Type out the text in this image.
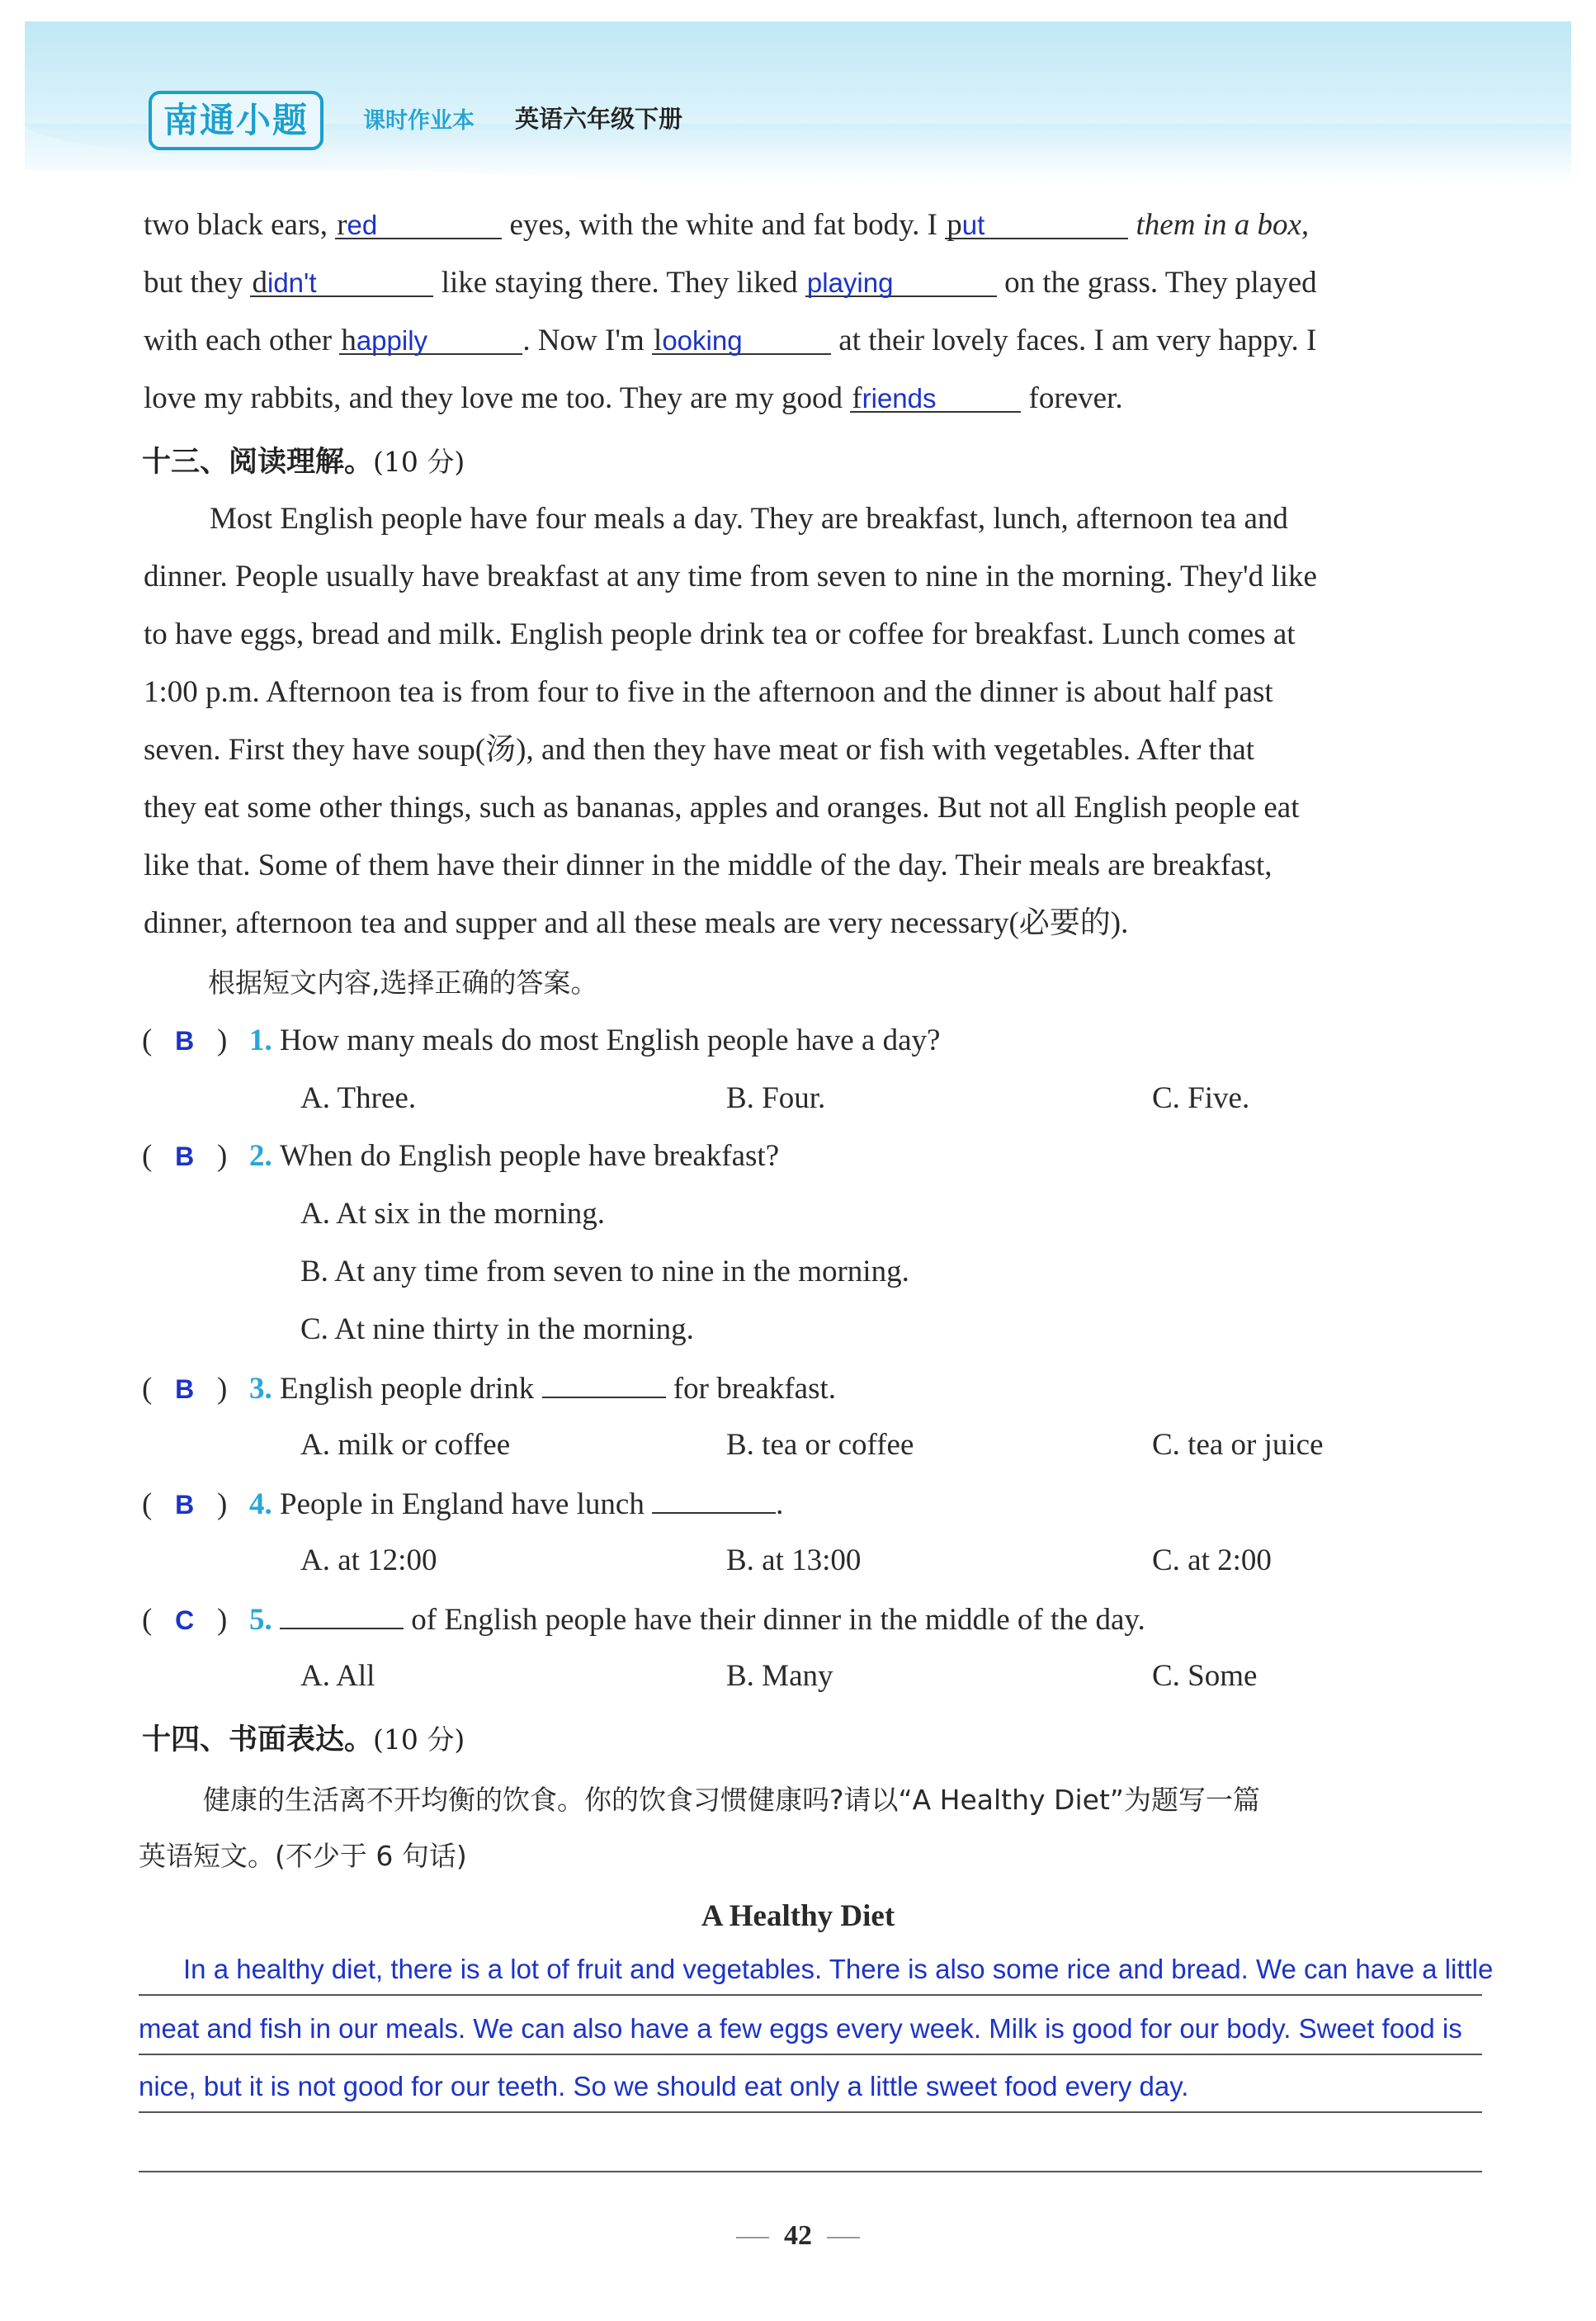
南通小题	课时作业本 英语六年级下册
two black ears, red	eyes, with the white and fat body. I put	them in a box,
but they didn't	like staying there. They liked playing	on the grass. They played
with each other happily	. Now I'm looking	at their lovely faces. I am very happy. I
love my rabbits, and they love me too. They are my good friends	forever.
十三、阅读理解。(10 分)
Most English people have four meals a day. They are breakfast, lunch, afternoon tea and
dinner. People usually have breakfast at any time from seven to nine in the morning. They'd like
to have eggs, bread and milk. English people drink tea or coffee for breakfast. Lunch comes at
1:00 p.m. Afternoon tea is from four to five in the afternoon and the dinner is about half past
seven. First they have soup(汤), and then they have meat or fish with vegetables. After that
they eat some other things, such as bananas, apples and oranges. But not all English people eat
like that. Some of them have their dinner in the middle of the day. Their meals are breakfast,
dinner, afternoon tea and supper and all these meals are very necessary(必要的).
根据短文内容,选择正确的答案。
(   B   ) 1. How many meals do most English people have a day?
A. Three.	B. Four.	C. Five.
(   B   ) 2. When do English people have breakfast?
A. At six in the morning.
B. At any time from seven to nine in the morning.
C. At nine thirty in the morning.
(   B   ) 3. English people drink	for breakfast.
A. milk or coffee	B. tea or coffee	C. tea or juice
(   B   ) 4. People in England have lunch	.
A. at 12:00	B. at 13:00	C. at 2:00
(   C   ) 5.	of English people have their dinner in the middle of the day.
A. All	B. Many	C. Some
十四、书面表达。(10 分)
健康的生活离不开均衡的饮食。你的饮食习惯健康吗?请以“A Healthy Diet”为题写一篇
英语短文。(不少于 6 句话)
A Healthy Diet
In a healthy diet, there is a lot of fruit and vegetables. There is also some rice and bread. We can have a little
meat and fish in our meals. We can also have a few eggs every week. Milk is good for our body. Sweet food is
nice, but it is not good for our teeth. So we should eat only a little sweet food every day.
42
